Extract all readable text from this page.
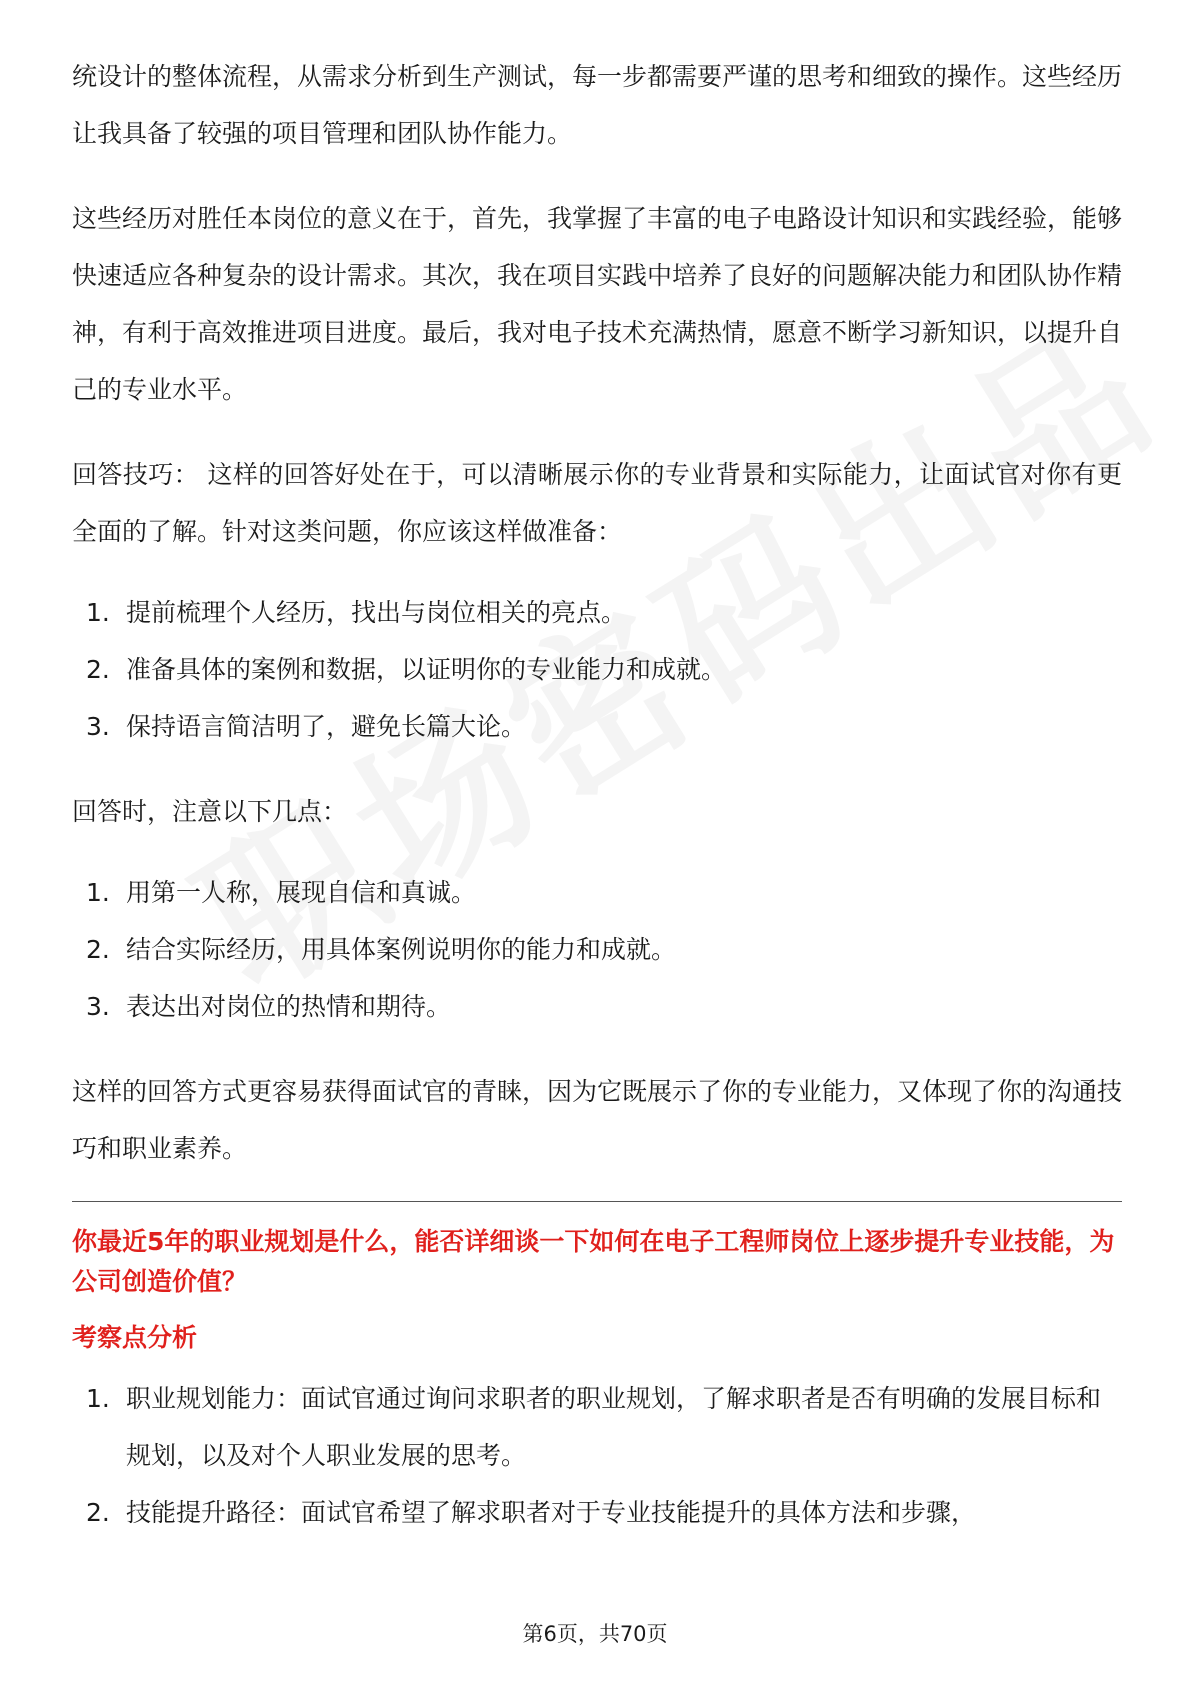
统设计的整体流程，从需求分析到生产测试，每一步都需要严谨的思考和细致的操作。这些经历让我具备了较强的项目管理和团队协作能力。

这些经历对胜任本岗位的意义在于，首先，我掌握了丰富的电子电路设计知识和实践经验，能够快速适应各种复杂的设计需求。其次，我在项目实践中培养了良好的问题解决能力和团队协作精神，有利于高效推进项目进度。最后，我对电子技术充满热情，愿意不断学习新知识，以提升自己的专业水平。

回答技巧： 这样的回答好处在于，可以清晰展示你的专业背景和实际能力，让面试官对你有更全面的了解。针对这类问题，你应该这样做准备：

1. 提前梳理个人经历，找出与岗位相关的亮点。
2. 准备具体的案例和数据，以证明你的专业能力和成就。
3. 保持语言简洁明了，避免长篇大论。

回答时，注意以下几点：

1. 用第一人称，展现自信和真诚。
2. 结合实际经历，用具体案例说明你的能力和成就。
3. 表达出对岗位的热情和期待。

这样的回答方式更容易获得面试官的青睐，因为它既展示了你的专业能力，又体现了你的沟通技巧和职业素养。

你最近5年的职业规划是什么，能否详细谈一下如何在电子工程师岗位上逐步提升专业技能，为公司创造价值？
考察点分析
1. 职业规划能力：面试官通过询问求职者的职业规划，了解求职者是否有明确的发展目标和规划，以及对个人职业发展的思考。
2. 技能提升路径：面试官希望了解求职者对于专业技能提升的具体方法和步骤，
第6页，共70页
